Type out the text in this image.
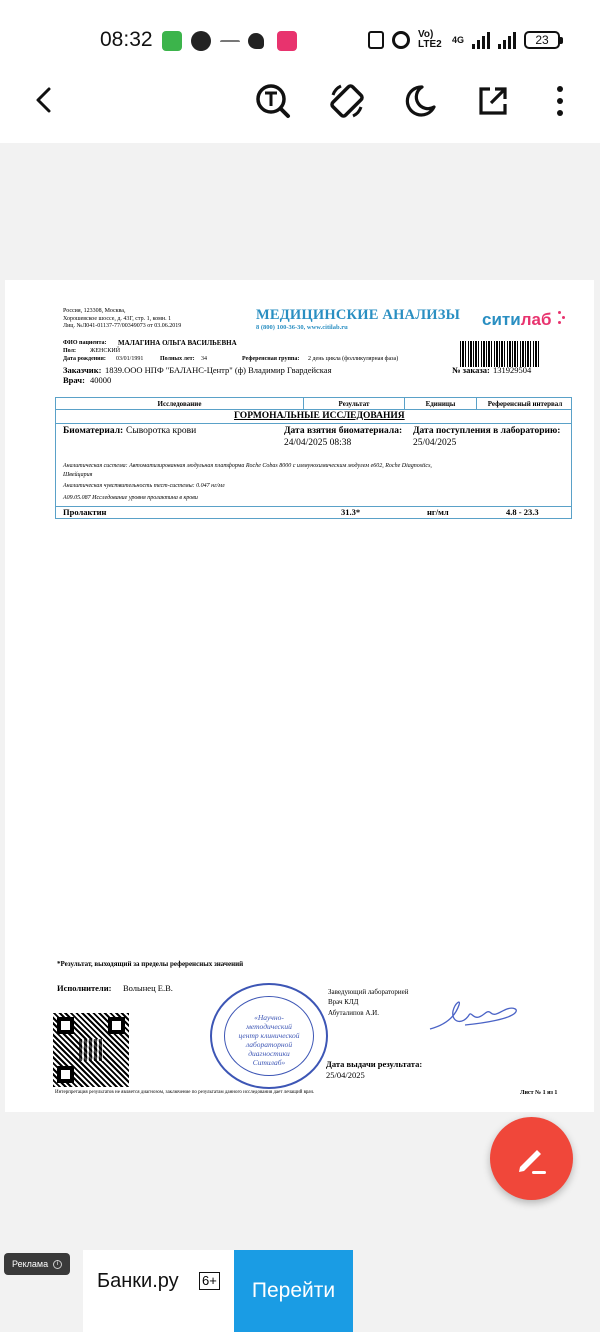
08:32	Vo) LTE2 4G	23
Россия, 123308, Москва,
Хорошевское шоссе, д. 43Г, стр. 1, комн. 1
Лиц. №Л041-01137-77/00349073 от 03.06.2019
МЕДИЦИНСКИЕ АНАЛИЗЫ
8 (800) 100-36-30, www.citilab.ru	ситилаб
ФИО пациента: МАЛАГИНА ОЛЬГА ВАСИЛЬЕВНА
Пол: ЖЕНСКИЙ
Дата рождения: 03/01/1991	Полных лет: 34	Референсная группа: 2 день цикла (фолликулярная фаза)
Заказчик: 1839.ООО НПФ "БАЛАНС-Центр" (ф) Владимир Гвардейская
Врач: 40000
№ заказа: 131929504
Исследование	Результат	Единицы	Референсный интервал
ГОРМОНАЛЬНЫЕ ИССЛЕДОВАНИЯ
Биоматериал: Сыворотка крови	Дата взятия биоматериала:
24/04/2025 08:38
Дата поступления в лабораторию:
25/04/2025
Аналитическая система: Автоматизированная модульная платформа Roche Cobas 8000 с иммунохимическим модулем e602, Roche Diagnostics,
Швейцария
Аналитическая чувствительность тест-системы: 0.047 нг/мл
A09.05.087 Исследование уровня пролактина в крови
Пролактин	31.3*	нг/мл	4.8 - 23.3
*Результат, выходящий за пределы референсных значений
Исполнители: Волынец Е.В.
«Научно-
методический
центр клинической
лабораторной
диагностики
Ситилаб»
Заведующий лабораторией
Врач КЛД
Абуталипов А.И.
Дата выдачи результата:
25/04/2025
Интерпретация результатов не является диагнозом, заключение по результатам данного исследования дает лечащий врач.	Лист № 1 из 1
Реклама	i
Банки.ру 6+	Перейти
